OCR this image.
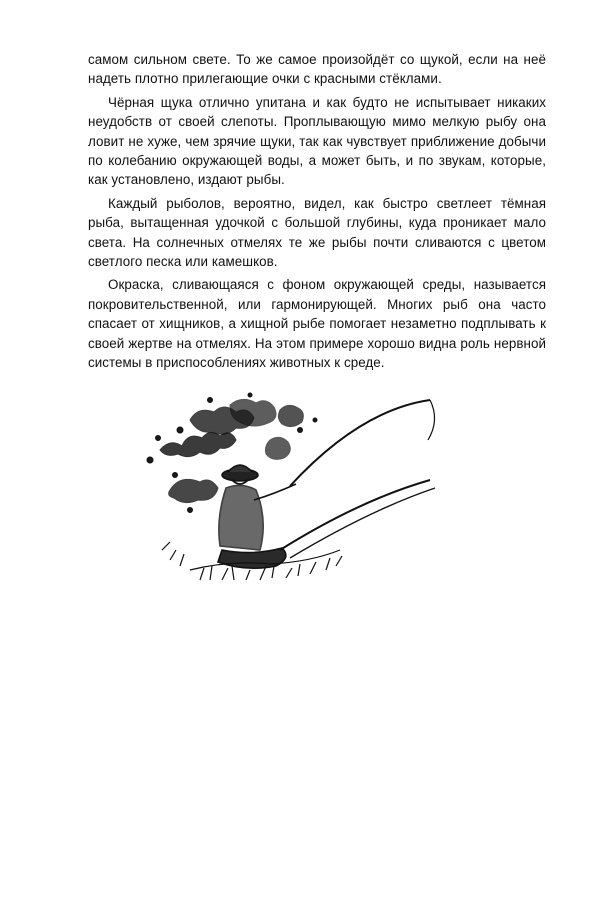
самом сильном свете. То же самое произойдёт со щукой, если на неё надеть плотно прилегающие очки с красными стёклами.

Чёрная щука отлично упитана и как будто не испытывает никаких неудобств от своей слепоты. Проплывающую мимо мелкую рыбу она ловит не хуже, чем зрячие щуки, так как чувствует приближение добычи по колебанию окружающей воды, а может быть, и по звукам, которые, как установлено, издают рыбы.

Каждый рыболов, вероятно, видел, как быстро светлеет тёмная рыба, вытащенная удочкой с большой глубины, куда проникает мало света. На солнечных отмелях те же рыбы почти сливаются с цветом светлого песка или камешков.

Окраска, сливающаяся с фоном окружающей среды, называется покровительственной, или гармонирующей. Многих рыб она часто спасает от хищников, а хищной рыбе помогает незаметно подплывать к своей жертве на отмелях. На этом примере хорошо видна роль нервной системы в приспособлениях животных к среде.
